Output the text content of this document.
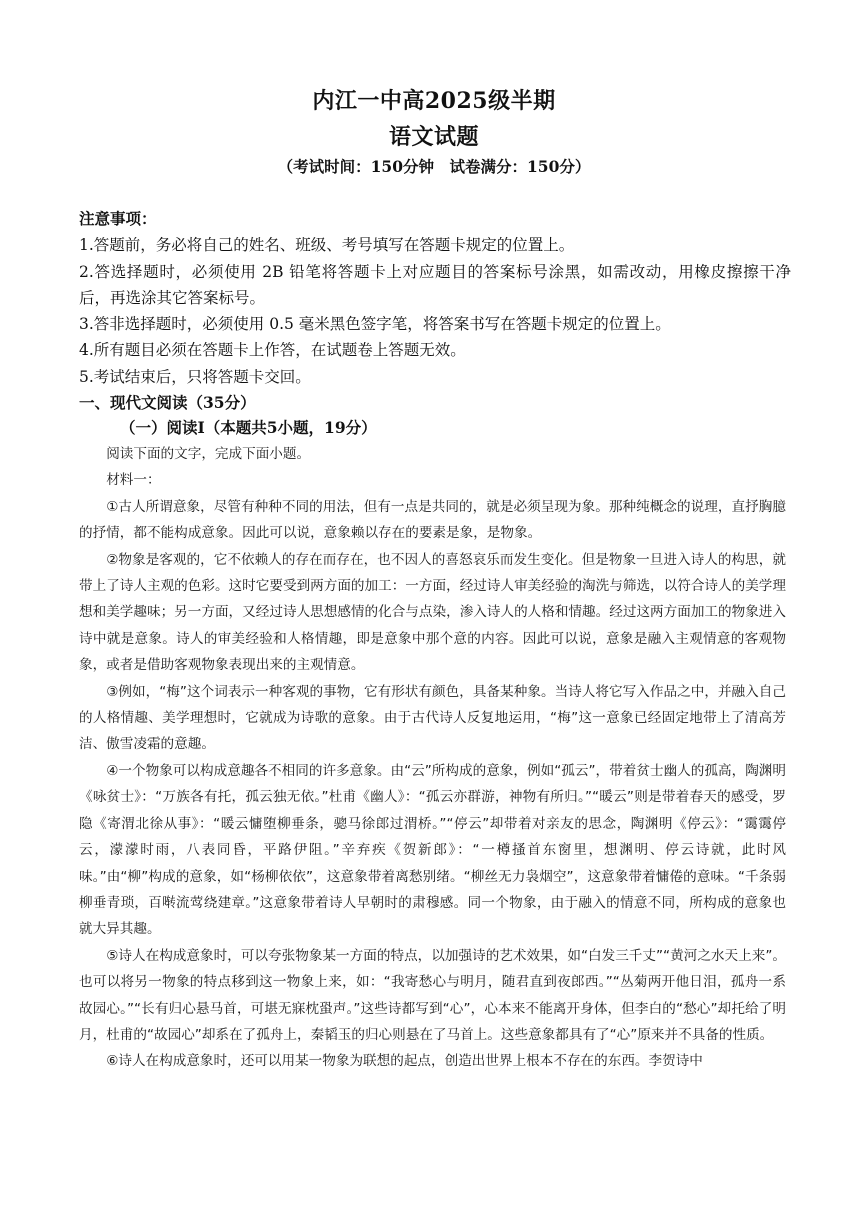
内江一中高2025级半期
语文试题
（考试时间：150分钟　试卷满分：150分）
注意事项：
1.答题前，务必将自己的姓名、班级、考号填写在答题卡规定的位置上。
2.答选择题时，必须使用 2B 铅笔将答题卡上对应题目的答案标号涂黑，如需改动，用橡皮擦擦干净后，再选涂其它答案标号。
3.答非选择题时，必须使用 0.5 毫米黑色签字笔，将答案书写在答题卡规定的位置上。
4.所有题目必须在答题卡上作答，在试题卷上答题无效。
5.考试结束后，只将答题卡交回。
一、现代文阅读（35分）
（一）阅读Ⅰ（本题共5小题，19分）

阅读下面的文字，完成下面小题。

材料一：

①古人所谓意象，尽管有种种不同的用法，但有一点是共同的，就是必须呈现为象。那种纯概念的说理，直抒胸臆的抒情，都不能构成意象。因此可以说，意象赖以存在的要素是象，是物象。

②物象是客观的，它不依赖人的存在而存在，也不因人的喜怒哀乐而发生变化。但是物象一旦进入诗人的构思，就带上了诗人主观的色彩。这时它要受到两方面的加工：一方面，经过诗人审美经验的淘洗与筛选，以符合诗人的美学理想和美学趣味；另一方面，又经过诗人思想感情的化合与点染，渗入诗人的人格和情趣。经过这两方面加工的物象进入诗中就是意象。诗人的审美经验和人格情趣，即是意象中那个意的内容。因此可以说，意象是融入主观情意的客观物象，或者是借助客观物象表现出来的主观情意。

③例如，“梅”这个词表示一种客观的事物，它有形状有颜色，具备某种象。当诗人将它写入作品之中，并融入自己的人格情趣、美学理想时，它就成为诗歌的意象。由于古代诗人反复地运用，“梅”这一意象已经固定地带上了清高芳洁、傲雪凌霜的意趣。

④一个物象可以构成意趣各不相同的许多意象。由“云”所构成的意象，例如“孤云”，带着贫士幽人的孤高，陶渊明《咏贫士》：“万族各有托，孤云独无依。”杜甫《幽人》：“孤云亦群游，神物有所归。”“暖云”则是带着春天的感受，罗隐《寄渭北徐从事》：“暖云慵堕柳垂条，骢马徐郎过渭桥。”“停云”却带着对亲友的思念，陶渊明《停云》：“霭霭停云，濛濛时雨，八表同昏，平路伊阻。”辛弃疾《贺新郎》：“一樽搔首东窗里，想渊明、停云诗就，此时风味。”由“柳”构成的意象，如“杨柳依依”，这意象带着离愁别绪。“柳丝无力袅烟空”，这意象带着慵倦的意味。“千条弱柳垂青琐，百啭流莺绕建章。”这意象带着诗人早朝时的肃穆感。同一个物象，由于融入的情意不同，所构成的意象也就大异其趣。

⑤诗人在构成意象时，可以夸张物象某一方面的特点，以加强诗的艺术效果，如“白发三千丈”“黄河之水天上来”。也可以将另一物象的特点移到这一物象上来，如：“我寄愁心与明月，随君直到夜郎西。”“丛菊两开他日泪，孤舟一系故园心。”“长有归心悬马首，可堪无寐枕蛩声。”这些诗都写到“心”，心本来不能离开身体，但李白的“愁心”却托给了明月，杜甫的“故园心”却系在了孤舟上，秦韬玉的归心则悬在了马首上。这些意象都具有了“心”原来并不具备的性质。

⑥诗人在构成意象时，还可以用某一物象为联想的起点，创造出世界上根本不存在的东西。李贺诗中
